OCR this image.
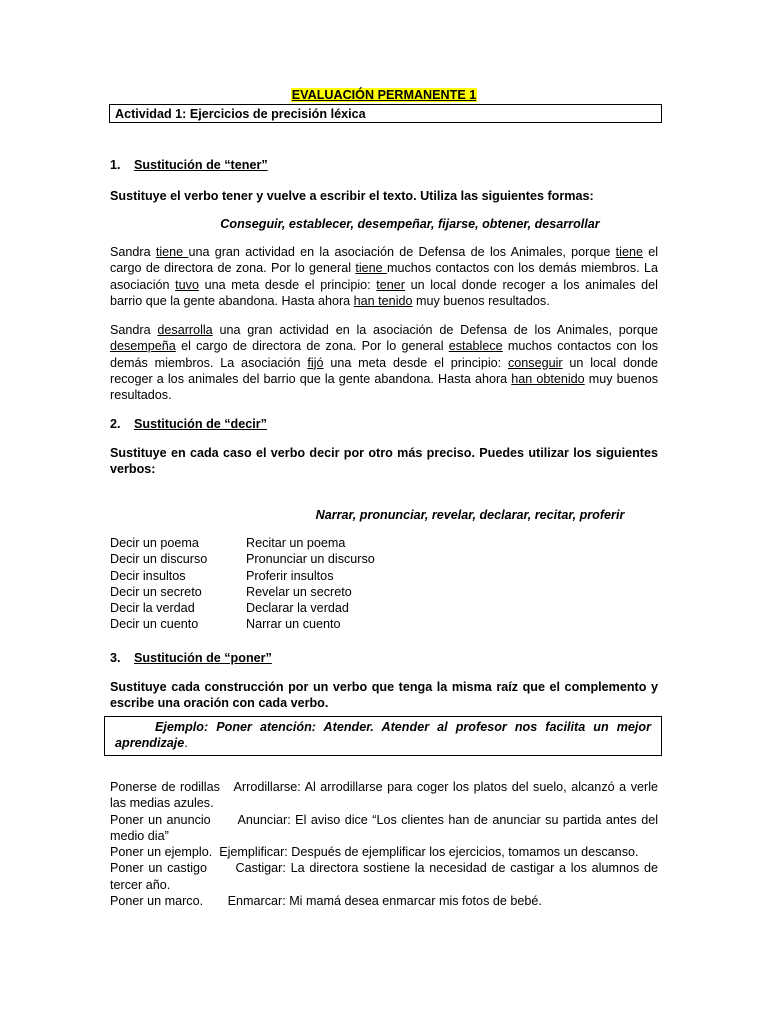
EVALUACIÓN PERMANENTE 1
Actividad 1: Ejercicios de precisión léxica
1. Sustitución de “tener”
Sustituye el verbo tener y vuelve a escribir el texto. Utiliza las siguientes formas:
Conseguir, establecer, desempeñar, fijarse, obtener, desarrollar
Sandra tiene una gran actividad en la asociación de Defensa de los Animales, porque tiene el cargo de directora de zona. Por lo general tiene muchos contactos con los demás miembros. La asociación tuvo una meta desde el principio: tener un local donde recoger a los animales del barrio que la gente abandona. Hasta ahora han tenido muy buenos resultados.
Sandra desarrolla una gran actividad en la asociación de Defensa de los Animales, porque desempeña el cargo de directora de zona. Por lo general establece muchos contactos con los demás miembros. La asociación fijó una meta desde el principio: conseguir un local donde recoger a los animales del barrio que la gente abandona. Hasta ahora han obtenido muy buenos resultados.
2. Sustitución de “decir”
Sustituye en cada caso el verbo decir por otro más preciso. Puedes utilizar los siguientes verbos:
Narrar, pronunciar, revelar, declarar, recitar, proferir
Decir un poema	Recitar un poema
Decir un discurso	Pronunciar un discurso
Decir insultos	Proferir insultos
Decir un secreto	Revelar un secreto
Decir la verdad	Declarar la verdad
Decir un cuento	Narrar un cuento
3. Sustitución de “poner”
Sustituye cada construcción por un verbo que tenga la misma raíz que el complemento y escribe una oración con cada verbo.
Ejemplo: Poner atención: Atender. Atender al profesor nos facilita un mejor aprendizaje.
Ponerse de rodillas Arrodillarse: Al arrodillarse para coger los platos del suelo, alcanzó a verle las medias azules.
Poner un anuncio Anunciar: El aviso dice “Los clientes han de anunciar su partida antes del medio dia”
Poner un ejemplo. Ejemplificar: Después de ejemplificar los ejercicios, tomamos un descanso.
Poner un castigo Castigar: La directora sostiene la necesidad de castigar a los alumnos de tercer año.
Poner un marco. Enmarcar: Mi mamá desea enmarcar mis fotos de bebé.
